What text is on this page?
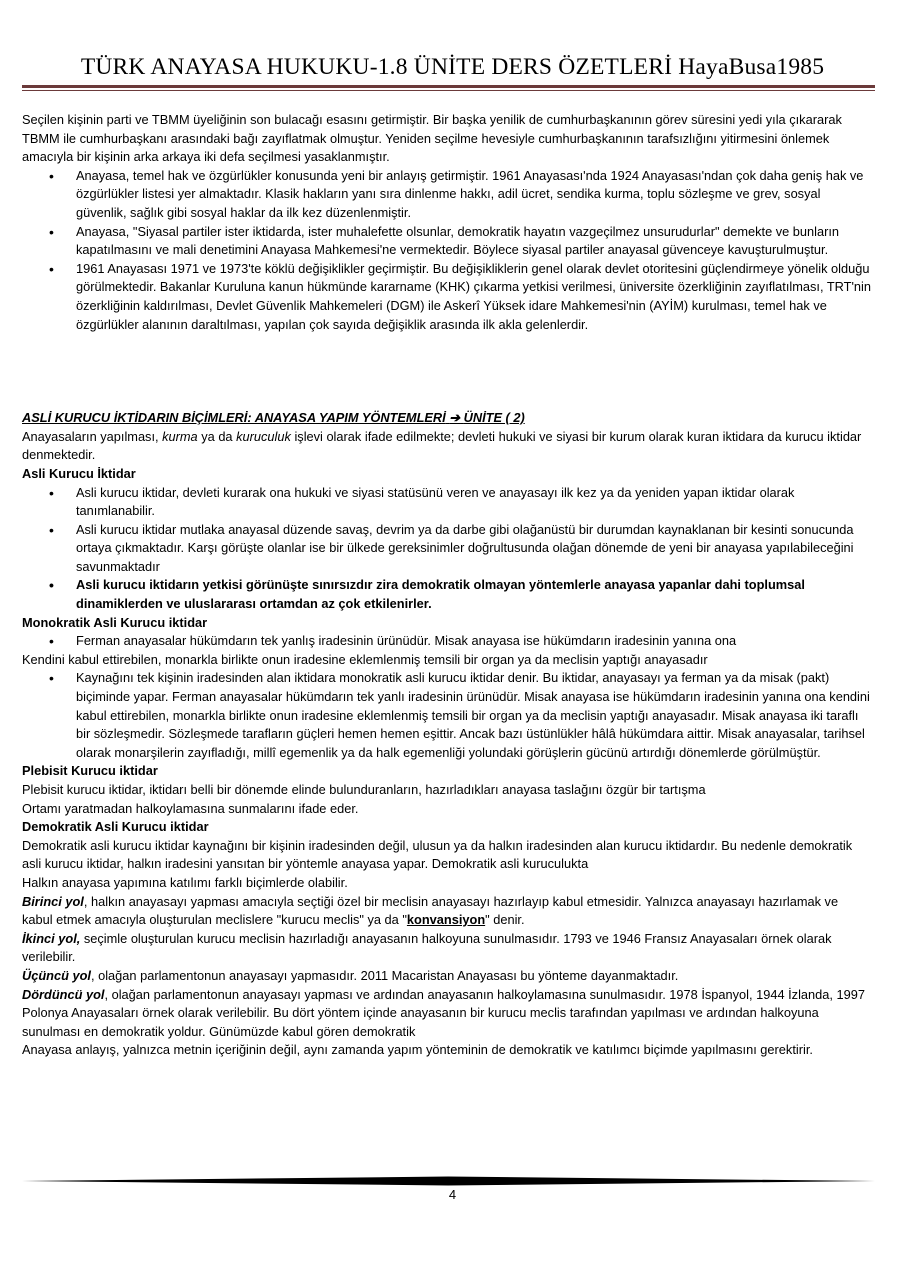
TÜRK ANAYASA HUKUKU-1.8 ÜNİTE DERS ÖZETLERİ HayaBusa1985

Seçilen kişinin parti ve TBMM üyeliğinin son bulacağı esasını getirmiştir. Bir başka yenilik de cumhurbaşkanının görev süresini yedi yıla çıkararak TBMM ile cumhurbaşkanı arasındaki bağı zayıflatmak olmuştur. Yeniden seçilme hevesiyle cumhurbaşkanının tarafsızlığını yitirmesini önlemek amacıyla bir kişinin arka arkaya iki defa seçilmesi yasaklanmıştır.

• Anayasa, temel hak ve özgürlükler konusunda yeni bir anlayış getirmiştir. 1961 Anayasası'nda 1924 Anayasası'ndan çok daha geniş hak ve özgürlükler listesi yer almaktadır. Klasik hakların yanı sıra dinlenme hakkı, adil ücret, sendika kurma, toplu sözleşme ve grev, sosyal güvenlik, sağlık gibi sosyal haklar da ilk kez düzenlenmiştir.

• Anayasa, "Siyasal partiler ister iktidarda, ister muhalefette olsunlar, demokratik hayatın vazgeçilmez unsurudurlar" demekte ve bunların kapatılmasını ve mali denetimini Anayasa Mahkemesi'ne vermektedir. Böylece siyasal partiler anayasal güvenceye kavuşturulmuştur.

• 1961 Anayasası 1971 ve 1973'te köklü değişiklikler geçirmiştir. Bu değişikliklerin genel olarak devlet otoritesini güçlendirmeye yönelik olduğu görülmektedir. Bakanlar Kuruluna kanun hükmünde kararname (KHK) çıkarma yetkisi verilmesi, üniversite özerkliğinin zayıflatılması, TRT'nin özerkliğinin kaldırılması, Devlet Güvenlik Mahkemeleri (DGM) ile Askerî Yüksek idare Mahkemesi'nin (AYİM) kurulması, temel hak ve özgürlükler alanının daraltılması, yapılan çok sayıda değişiklik arasında ilk akla gelenlerdir.

ASLİ KURUCU İKTİDARIN BİÇİMLERİ: ANAYASA YAPIM YÖNTEMLERİ ➔ ÜNİTE ( 2)

Anayasaların yapılması, kurma ya da kuruculuk işlevi olarak ifade edilmekte; devleti hukuki ve siyasi bir kurum olarak kuran iktidara da kurucu iktidar denmektedir.

Asli Kurucu İktidar

• Asli kurucu iktidar, devleti kurarak ona hukuki ve siyasi statüsünü veren ve anayasayı ilk kez ya da yeniden yapan iktidar olarak tanımlanabilir.

• Asli kurucu iktidar mutlaka anayasal düzende savaş, devrim ya da darbe gibi olağanüstü bir durumdan kaynaklanan bir kesinti sonucunda ortaya çıkmaktadır. Karşı görüşte olanlar ise bir ülkede gereksinimler doğrultusunda olağan dönemde de yeni bir anayasa yapılabileceğini savunmaktadır

• Asli kurucu iktidarın yetkisi görünüşte sınırsızdır zira demokratik olmayan yöntemlerle anayasa yapanlar dahi toplumsal dinamiklerden ve uluslararası ortamdan az çok etkilenirler.

Monokratik Asli Kurucu iktidar

• Ferman anayasalar hükümdarın tek yanlış iradesinin ürünüdür. Misak anayasa ise hükümdarın iradesinin yanına ona

Kendini kabul ettirebilen, monarkla birlikte onun iradesine eklemlenmiş temsili bir organ ya da meclisin yaptığı anayasadır

• Kaynağını tek kişinin iradesinden alan iktidara monokratik asli kurucu iktidar denir. Bu iktidar, anayasayı ya ferman ya da misak (pakt) biçiminde yapar. Ferman anayasalar hükümdarın tek yanlı iradesinin ürünüdür. Misak anayasa ise hükümdarın iradesinin yanına ona kendini kabul ettirebilen, monarkla birlikte onun iradesine eklemlenmiş temsili bir organ ya da meclisin yaptığı anayasadır. Misak anayasa iki taraflı bir sözleşmedir. Sözleşmede tarafların güçleri hemen hemen eşittir. Ancak bazı üstünlükler hâlâ hükümdara aittir. Misak anayasalar, tarihsel olarak monarşilerin zayıfladığı, millî egemenlik ya da halk egemenliği yolundaki görüşlerin gücünü artırdığı dönemlerde görülmüştür.

Plebisit Kurucu iktidar

Plebisit kurucu iktidar, iktidarı belli bir dönemde elinde bulunduranların, hazırladıkları anayasa taslağını özgür bir tartışma

Ortamı yaratmadan halkoylamasına sunmalarını ifade eder.

Demokratik Asli Kurucu iktidar

Demokratik asli kurucu iktidar kaynağını bir kişinin iradesinden değil, ulusun ya da halkın iradesinden alan kurucu iktidardır. Bu nedenle demokratik asli kurucu iktidar, halkın iradesini yansıtan bir yöntemle anayasa yapar. Demokratik asli kuruculukta

Halkın anayasa yapımına katılımı farklı biçimlerde olabilir.

Birinci yol, halkın anayasayı yapması amacıyla seçtiği özel bir meclisin anayasayı hazırlayıp kabul etmesidir. Yalnızca anayasayı hazırlamak ve kabul etmek amacıyla oluşturulan meclislere "kurucu meclis" ya da "konvansiyon" denir.

İkinci yol, seçimle oluşturulan kurucu meclisin hazırladığı anayasanın halkoyuna sunulmasıdır. 1793 ve 1946 Fransız Anayasaları örnek olarak verilebilir.

Üçüncü yol, olağan parlamentonun anayasayı yapmasıdır. 2011 Macaristan Anayasası bu yönteme dayanmaktadır.

Dördüncü yol, olağan parlamentonun anayasayı yapması ve ardından anayasanın halkoylamasına sunulmasıdır. 1978 İspanyol, 1944 İzlanda, 1997 Polonya Anayasaları örnek olarak verilebilir. Bu dört yöntem içinde anayasanın bir kurucu meclis tarafından yapılması ve ardından halkoyuna sunulması en demokratik yoldur. Günümüzde kabul gören demokratik

Anayasa anlayış, yalnızca metnin içeriğinin değil, aynı zamanda yapım yönteminin de demokratik ve katılımcı biçimde yapılmasını gerektirir.

4
